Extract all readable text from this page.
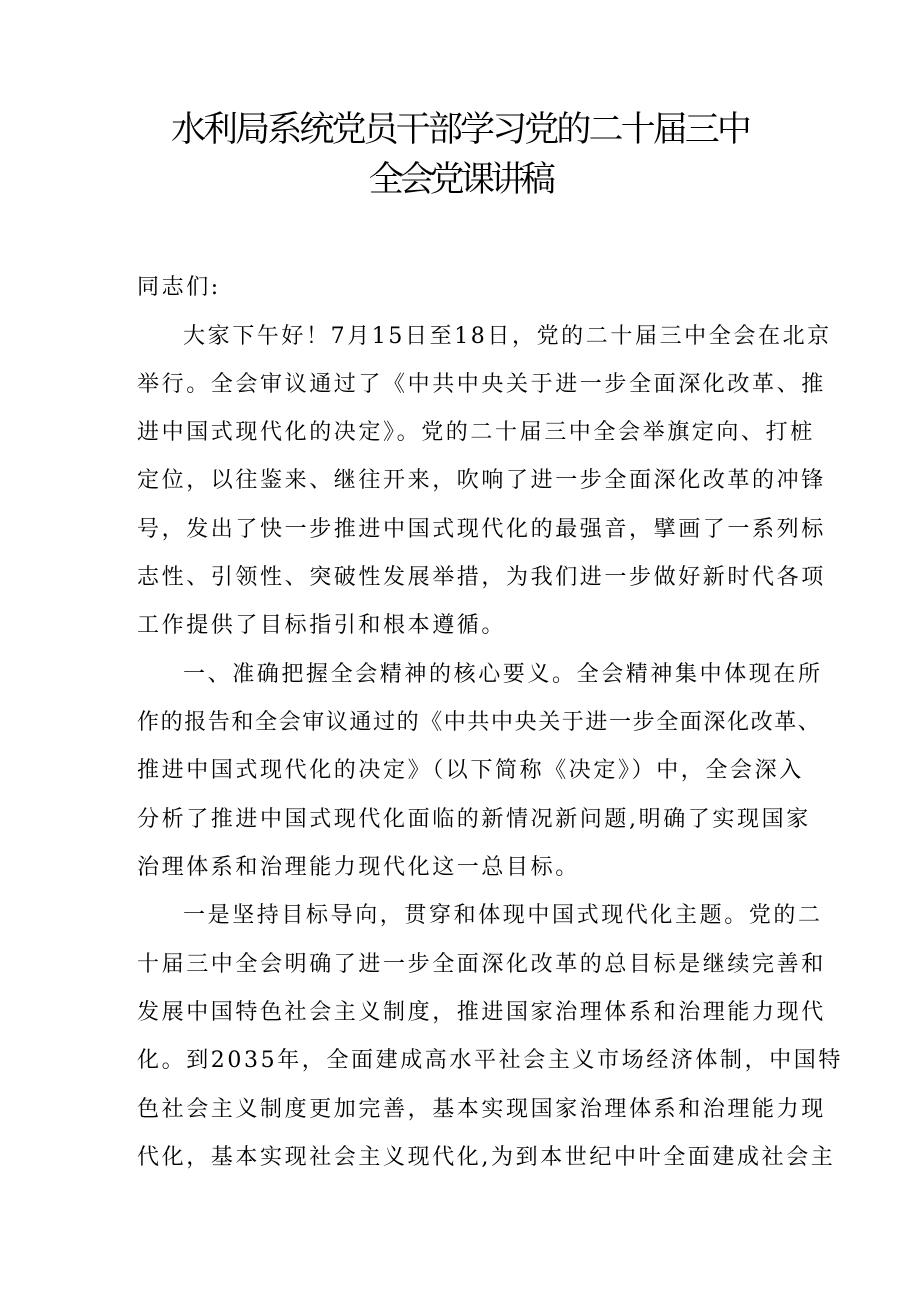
水利局系统党员干部学习党的二十届三中
全会党课讲稿
同志们:
大家下午好！7月15日至18日，党的二十届三中全会在北京
举行。全会审议通过了《中共中央关于进一步全面深化改革、推
进中国式现代化的决定》。党的二十届三中全会举旗定向、打桩
定位，以往鉴来、继往开来，吹响了进一步全面深化改革的冲锋
号，发出了快一步推进中国式现代化的最强音，擘画了一系列标
志性、引领性、突破性发展举措，为我们进一步做好新时代各项
工作提供了目标指引和根本遵循。
一、准确把握全会精神的核心要义。全会精神集中体现在所
作的报告和全会审议通过的《中共中央关于进一步全面深化改革、
推进中国式现代化的决定》（以下简称《决定》）中，全会深入
分析了推进中国式现代化面临的新情况新问题,明确了实现国家
治理体系和治理能力现代化这一总目标。
一是坚持目标导向，贯穿和体现中国式现代化主题。党的二
十届三中全会明确了进一步全面深化改革的总目标是继续完善和
发展中国特色社会主义制度，推进国家治理体系和治理能力现代
化。到2035年，全面建成高水平社会主义市场经济体制，中国特
色社会主义制度更加完善，基本实现国家治理体系和治理能力现
代化，基本实现社会主义现代化,为到本世纪中叶全面建成社会主
